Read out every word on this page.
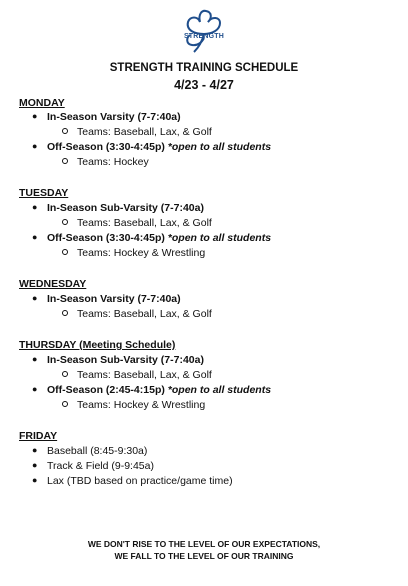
STRENGTH
STRENGTH TRAINING SCHEDULE
4/23 - 4/27
MONDAY
● In-Season Varsity (7-7:40a)
Teams: Baseball, Lax, & Golf
● Off-Season (3:30-4:45p) *open to all students
Teams: Hockey
TUESDAY
● In-Season Sub-Varsity (7-7:40a)
Teams: Baseball, Lax, & Golf
● Off-Season (3:30-4:45p) *open to all students
Teams: Hockey & Wrestling
WEDNESDAY
● In-Season Varsity (7-7:40a)
Teams: Baseball, Lax, & Golf
THURSDAY (Meeting Schedule)
● In-Season Sub-Varsity (7-7:40a)
Teams: Baseball, Lax, & Golf
● Off-Season (2:45-4:15p) *open to all students
Teams: Hockey & Wrestling
FRIDAY
● Baseball (8:45-9:30a)
● Track & Field (9-9:45a)
● Lax (TBD based on practice/game time)
WE DON'T RISE TO THE LEVEL OF OUR EXPECTATIONS,
WE FALL TO THE LEVEL OF OUR TRAINING
